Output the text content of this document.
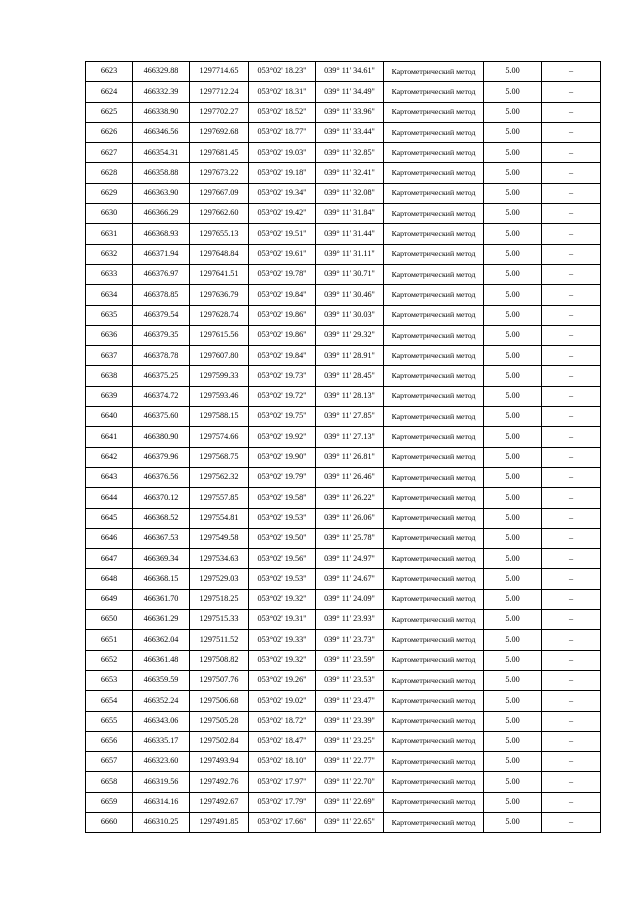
6623	466329.88	1297714.65	053°02' 18.23"	039° 11' 34.61"	Картометрический метод	5.00	–
6624	466332.39	1297712.24	053°02' 18.31"	039° 11' 34.49"	Картометрический метод	5.00	–
6625	466338.90	1297702.27	053°02' 18.52"	039° 11' 33.96"	Картометрический метод	5.00	–
6626	466346.56	1297692.68	053°02' 18.77"	039° 11' 33.44"	Картометрический метод	5.00	–
6627	466354.31	1297681.45	053°02' 19.03"	039° 11' 32.85"	Картометрический метод	5.00	–
6628	466358.88	1297673.22	053°02' 19.18"	039° 11' 32.41"	Картометрический метод	5.00	–
6629	466363.90	1297667.09	053°02' 19.34"	039° 11' 32.08"	Картометрический метод	5.00	–
6630	466366.29	1297662.60	053°02' 19.42"	039° 11' 31.84"	Картометрический метод	5.00	–
6631	466368.93	1297655.13	053°02' 19.51"	039° 11' 31.44"	Картометрический метод	5.00	–
6632	466371.94	1297648.84	053°02' 19.61"	039° 11' 31.11"	Картометрический метод	5.00	–
6633	466376.97	1297641.51	053°02' 19.78"	039° 11' 30.71"	Картометрический метод	5.00	–
6634	466378.85	1297636.79	053°02' 19.84"	039° 11' 30.46"	Картометрический метод	5.00	–
6635	466379.54	1297628.74	053°02' 19.86"	039° 11' 30.03"	Картометрический метод	5.00	–
6636	466379.35	1297615.56	053°02' 19.86"	039° 11' 29.32"	Картометрический метод	5.00	–
6637	466378.78	1297607.80	053°02' 19.84"	039° 11' 28.91"	Картометрический метод	5.00	–
6638	466375.25	1297599.33	053°02' 19.73"	039° 11' 28.45"	Картометрический метод	5.00	–
6639	466374.72	1297593.46	053°02' 19.72"	039° 11' 28.13"	Картометрический метод	5.00	–
6640	466375.60	1297588.15	053°02' 19.75"	039° 11' 27.85"	Картометрический метод	5.00	–
6641	466380.90	1297574.66	053°02' 19.92"	039° 11' 27.13"	Картометрический метод	5.00	–
6642	466379.96	1297568.75	053°02' 19.90"	039° 11' 26.81"	Картометрический метод	5.00	–
6643	466376.56	1297562.32	053°02' 19.79"	039° 11' 26.46"	Картометрический метод	5.00	–
6644	466370.12	1297557.85	053°02' 19.58"	039° 11' 26.22"	Картометрический метод	5.00	–
6645	466368.52	1297554.81	053°02' 19.53"	039° 11' 26.06"	Картометрический метод	5.00	–
6646	466367.53	1297549.58	053°02' 19.50"	039° 11' 25.78"	Картометрический метод	5.00	–
6647	466369.34	1297534.63	053°02' 19.56"	039° 11' 24.97"	Картометрический метод	5.00	–
6648	466368.15	1297529.03	053°02' 19.53"	039° 11' 24.67"	Картометрический метод	5.00	–
6649	466361.70	1297518.25	053°02' 19.32"	039° 11' 24.09"	Картометрический метод	5.00	–
6650	466361.29	1297515.33	053°02' 19.31"	039° 11' 23.93"	Картометрический метод	5.00	–
6651	466362.04	1297511.52	053°02' 19.33"	039° 11' 23.73"	Картометрический метод	5.00	–
6652	466361.48	1297508.82	053°02' 19.32"	039° 11' 23.59"	Картометрический метод	5.00	–
6653	466359.59	1297507.76	053°02' 19.26"	039° 11' 23.53"	Картометрический метод	5.00	–
6654	466352.24	1297506.68	053°02' 19.02"	039° 11' 23.47"	Картометрический метод	5.00	–
6655	466343.06	1297505.28	053°02' 18.72"	039° 11' 23.39"	Картометрический метод	5.00	–
6656	466335.17	1297502.84	053°02' 18.47"	039° 11' 23.25"	Картометрический метод	5.00	–
6657	466323.60	1297493.94	053°02' 18.10"	039° 11' 22.77"	Картометрический метод	5.00	–
6658	466319.56	1297492.76	053°02' 17.97"	039° 11' 22.70"	Картометрический метод	5.00	–
6659	466314.16	1297492.67	053°02' 17.79"	039° 11' 22.69"	Картометрический метод	5.00	–
6660	466310.25	1297491.85	053°02' 17.66"	039° 11' 22.65"	Картометрический метод	5.00	–
